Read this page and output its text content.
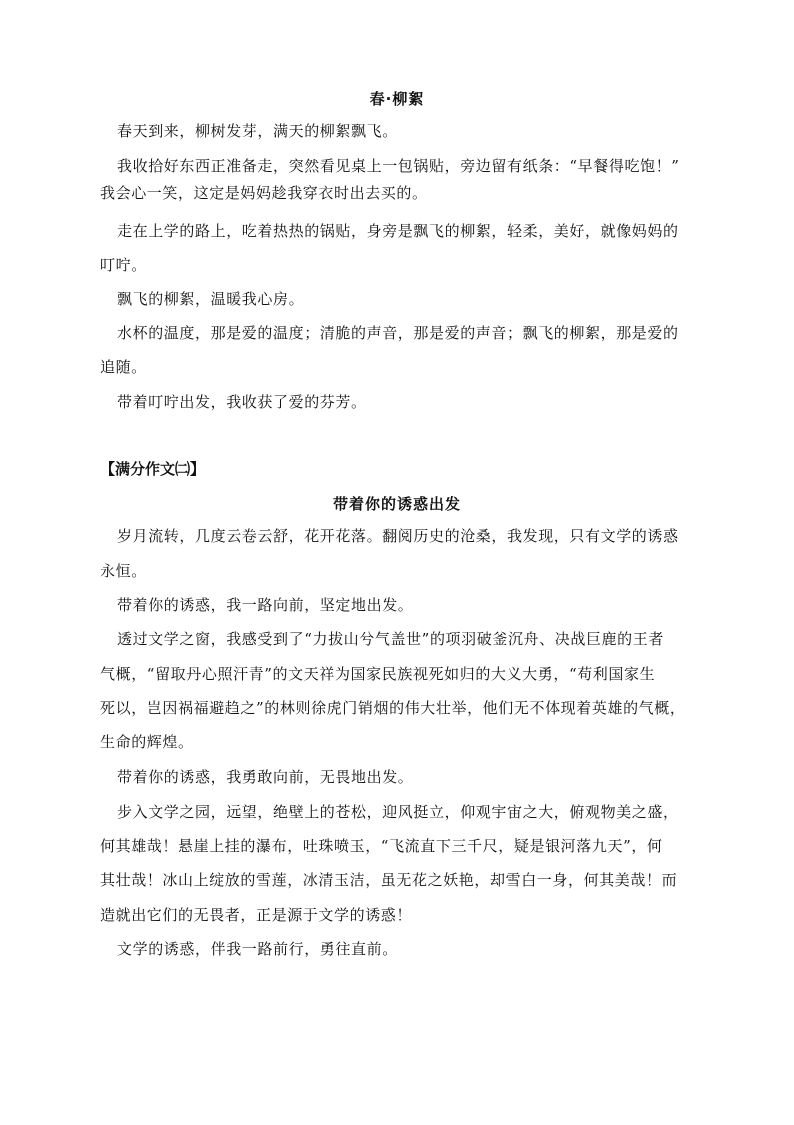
春·柳絮
春天到来，柳树发芽，满天的柳絮飘飞。
我收拾好东西正准备走，突然看见桌上一包锅贴，旁边留有纸条：“早餐得吃饱！”
我会心一笑，这定是妈妈趁我穿衣时出去买的。
走在上学的路上，吃着热热的锅贴，身旁是飘飞的柳絮，轻柔，美好，就像妈妈的
叮咛。
飘飞的柳絮，温暖我心房。
水杯的温度，那是爱的温度；清脆的声音，那是爱的声音；飘飞的柳絮，那是爱的
追随。
带着叮咛出发，我收获了爱的芬芳。
【满分作文㈡】
带着你的诱惑出发
岁月流转，几度云卷云舒，花开花落。翻阅历史的沧桑，我发现，只有文学的诱惑
永恒。
带着你的诱惑，我一路向前，坚定地出发。
透过文学之窗，我感受到了“力拔山兮气盖世”的项羽破釜沉舟、决战巨鹿的王者
气概，“留取丹心照汗青”的文天祥为国家民族视死如归的大义大勇，“苟利国家生
死以，岂因祸福避趋之”的林则徐虎门销烟的伟大壮举，他们无不体现着英雄的气概，
生命的辉煌。
带着你的诱惑，我勇敢向前，无畏地出发。
步入文学之园，远望，绝壁上的苍松，迎风挺立，仰观宇宙之大，俯观物美之盛，
何其雄哉！悬崖上挂的瀑布，吐珠喷玉，“飞流直下三千尺，疑是银河落九天”，何
其壮哉！冰山上绽放的雪莲，冰清玉洁，虽无花之妖艳，却雪白一身，何其美哉！而
造就出它们的无畏者，正是源于文学的诱惑！
文学的诱惑，伴我一路前行，勇往直前。
